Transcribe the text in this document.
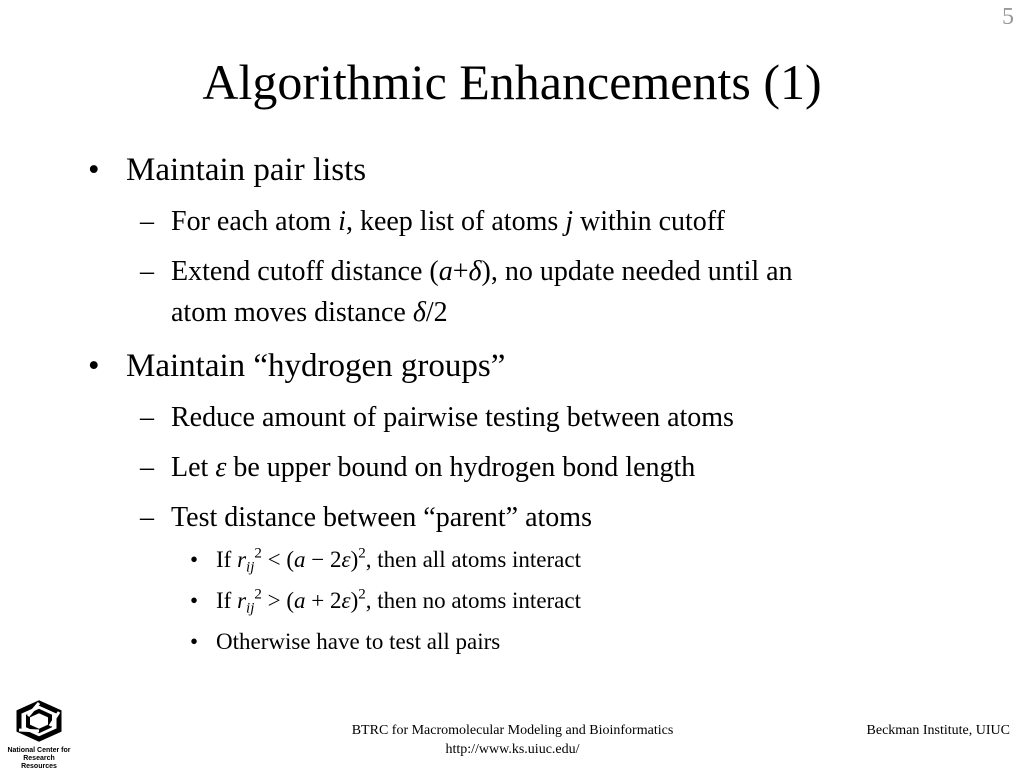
5
Algorithmic Enhancements (1)
• Maintain pair lists
– For each atom i, keep list of atoms j within cutoff
– Extend cutoff distance (a+δ), no update needed until an
atom moves distance δ/2
• Maintain “hydrogen groups”
– Reduce amount of pairwise testing between atoms
– Let ε be upper bound on hydrogen bond length
– Test distance between “parent” atoms
• If $r_{ij}^2 < (a - 2\varepsilon)^2$, then all atoms interact
• If $r_{ij}^2 > (a + 2\varepsilon)^2$, then no atoms interact
• Otherwise have to test all pairs
National Center for
Research Resources
BTRC for Macromolecular Modeling and Bioinformatics
http://www.ks.uiuc.edu/
Beckman Institute, UIUC
